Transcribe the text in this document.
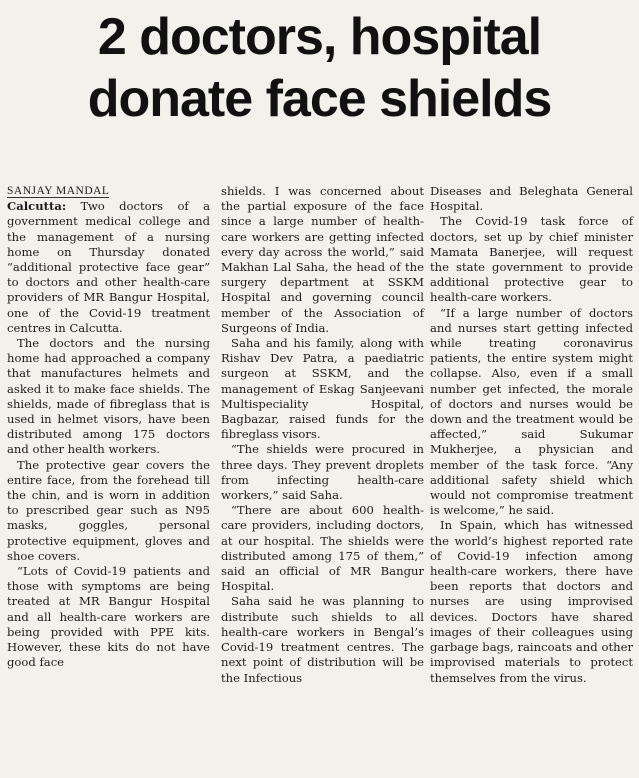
2 doctors, hospital
donate face shields

SANJAY MANDAL

Calcutta: Two doctors of a government medical college and the management of a nursing home on Thursday donated “additional protective face gear” to doctors and other health-care providers of MR Bangur Hospital, one of the Covid-19 treatment centres in Calcutta.

The doctors and the nursing home had approached a company that manufactures helmets and asked it to make face shields. The shields, made of fibreglass that is used in helmet visors, have been distributed among 175 doctors and other health workers.

The protective gear covers the entire face, from the forehead till the chin, and is worn in addition to prescribed gear such as N95 masks, goggles, personal protective equipment, gloves and shoe covers.

“Lots of Covid-19 patients and those with symptoms are being treated at MR Bangur Hospital and all health-care workers are being provided with PPE kits. However, these kits do not have good face

shields. I was concerned about the partial exposure of the face since a large number of health-care workers are getting infected every day across the world,” said Makhan Lal Saha, the head of the surgery department at SSKM Hospital and governing council member of the Association of Surgeons of India.

Saha and his family, along with Rishav Dev Patra, a paediatric surgeon at SSKM, and the management of Eskag Sanjeevani Multispeciality Hospital, Bagbazar, raised funds for the fibreglass visors.

“The shields were procured in three days. They prevent droplets from infecting health-care workers,” said Saha.

“There are about 600 health-care providers, including doctors, at our hospital. The shields were distributed among 175 of them,” said an official of MR Bangur Hospital.

Saha said he was planning to distribute such shields to all health-care workers in Bengal’s Covid-19 treatment centres. The next point of distribution will be the Infectious

Diseases and Beleghata General Hospital.

The Covid-19 task force of doctors, set up by chief minister Mamata Banerjee, will request the state government to provide additional protective gear to health-care workers.

“If a large number of doctors and nurses start getting infected while treating coronavirus patients, the entire system might collapse. Also, even if a small number get infected, the morale of doctors and nurses would be down and the treatment would be affected,” said Sukumar Mukherjee, a physician and member of the task force. “Any additional safety shield which would not compromise treatment is welcome,” he said.

In Spain, which has witnessed the world’s highest reported rate of Covid-19 infection among health-care workers, there have been reports that doctors and nurses are using improvised devices. Doctors have shared images of their colleagues using garbage bags, raincoats and other improvised materials to protect themselves from the virus.
